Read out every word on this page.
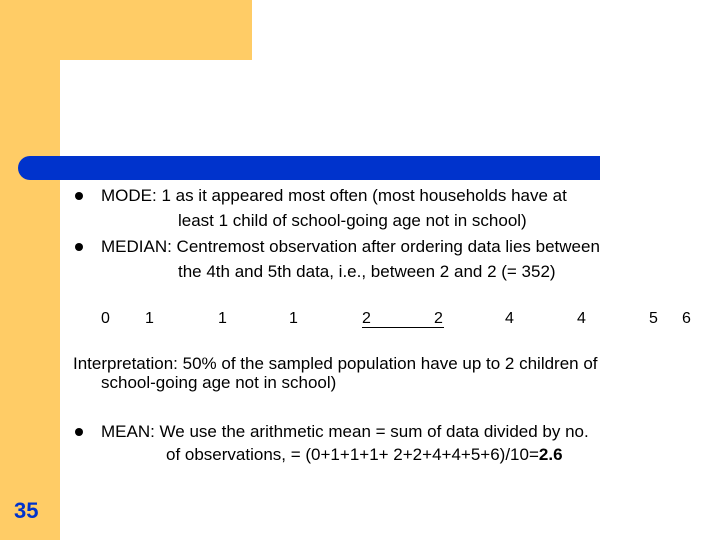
MODE: 1 as it appeared most often (most households have at
least 1 child of school-going age not in school)
MEDIAN: Centremost observation after ordering data lies between
the 4th and 5th data, i.e., between 2 and 2 (= 352)
0 1	1	1	2	2	4	4	5 6
Interpretation: 50% of the sampled population have up to 2 children of
school-going age not in school)
MEAN: We use the arithmetic mean = sum of data divided by no.
of observations, = (0+1+1+1+ 2+2+4+4+5+6)/10=2.6
35
